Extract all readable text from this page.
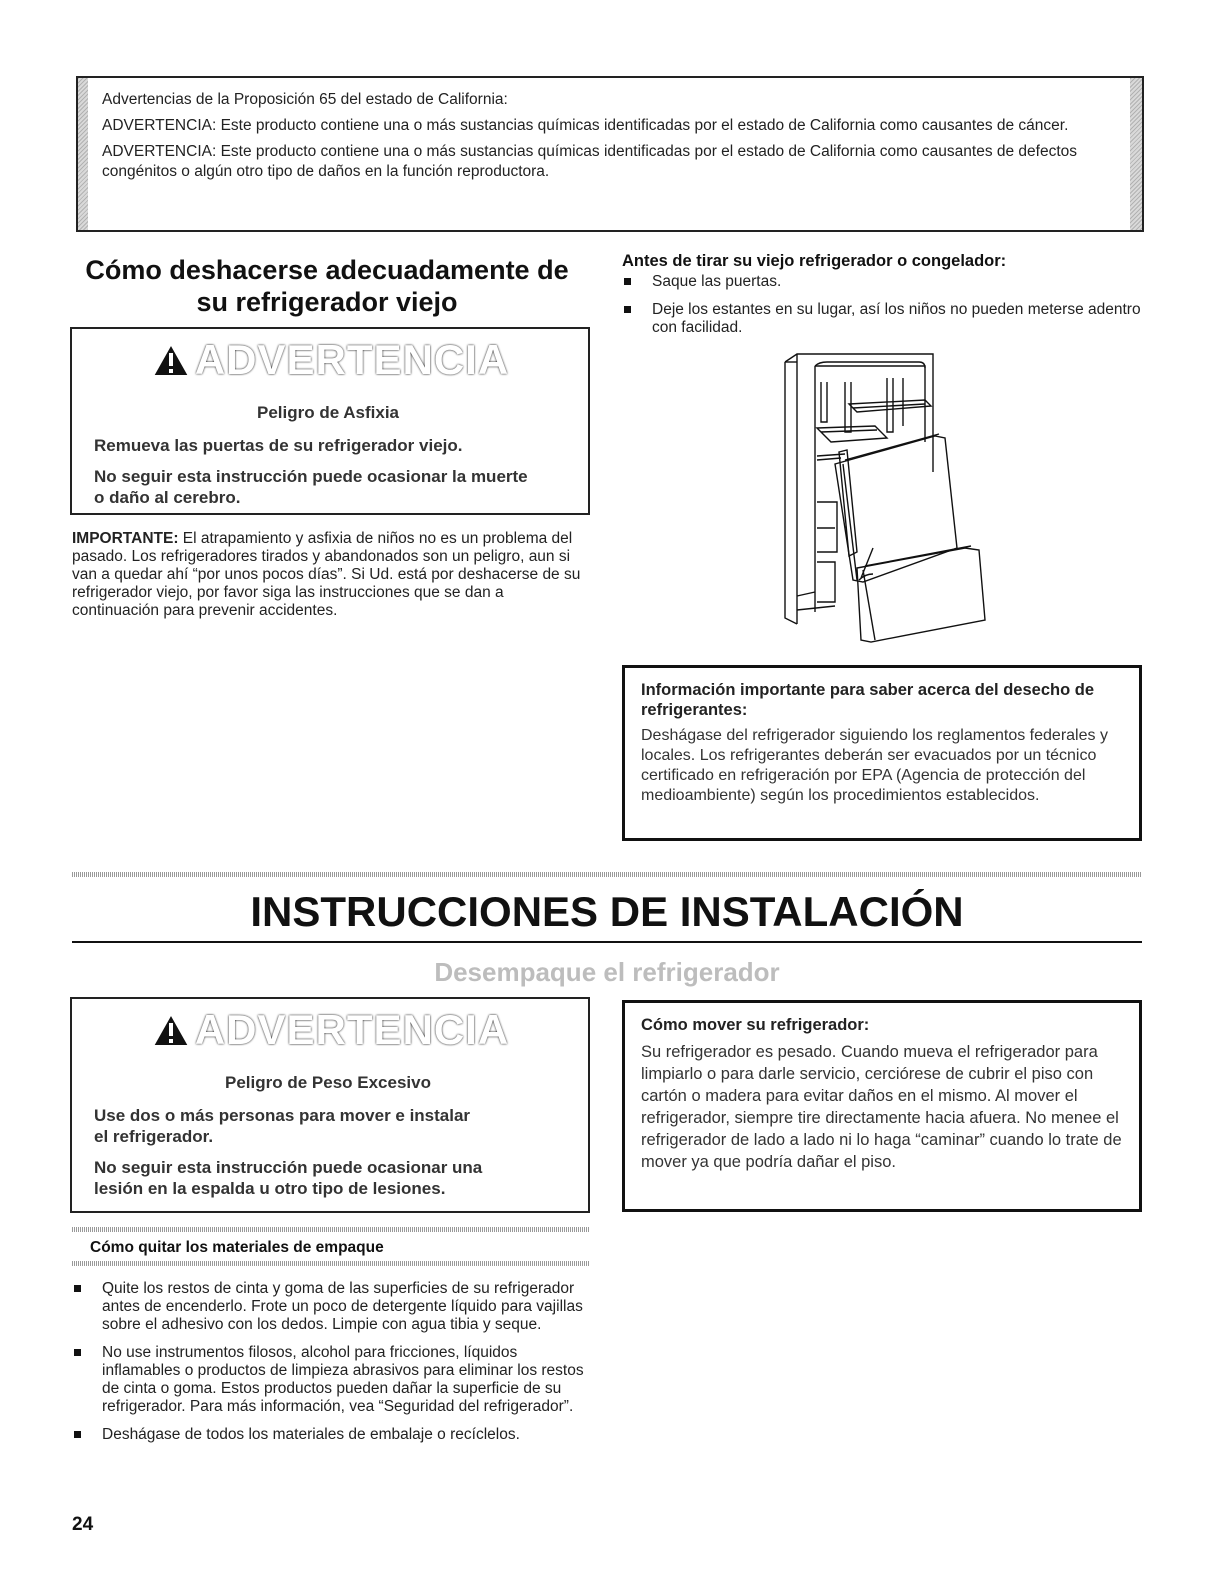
Advertencias de la Proposición 65 del estado de California:

ADVERTENCIA: Este producto contiene una o más sustancias químicas identificadas por el estado de California como causantes de cáncer.

ADVERTENCIA: Este producto contiene una o más sustancias químicas identificadas por el estado de California como causantes de defectos congénitos o algún otro tipo de daños en la función reproductora.

Cómo deshacerse adecuadamente de
su refrigerador viejo
ADVERTENCIA

Peligro de Asfixia

Remueva las puertas de su refrigerador viejo.

No seguir esta instrucción puede ocasionar la muerte
o daño al cerebro.

IMPORTANTE: El atrapamiento y asfixia de niños no es un problema del pasado. Los refrigeradores tirados y abandonados son un peligro, aun si van a quedar ahí “por unos pocos días”. Si Ud. está por deshacerse de su refrigerador viejo, por favor siga las instrucciones que se dan a continuación para prevenir accidentes.

Antes de tirar su viejo refrigerador o congelador:
Saque las puertas.
Deje los estantes en su lugar, así los niños no pueden meterse adentro con facilidad.

Información importante para saber acerca del desecho de refrigerantes:

Deshágase del refrigerador siguiendo los reglamentos federales y locales. Los refrigerantes deberán ser evacuados por un técnico certificado en refrigeración por EPA (Agencia de protección del medioambiente) según los procedimientos establecidos.

INSTRUCCIONES DE INSTALACIÓN
Desempaque el refrigerador
ADVERTENCIA

Peligro de Peso Excesivo

Use dos o más personas para mover e instalar
el refrigerador.

No seguir esta instrucción puede ocasionar una
lesión en la espalda u otro tipo de lesiones.

Cómo mover su refrigerador:

Su refrigerador es pesado. Cuando mueva el refrigerador para limpiarlo o para darle servicio, cerciórese de cubrir el piso con cartón o madera para evitar daños en el mismo. Al mover el refrigerador, siempre tire directamente hacia afuera. No menee el refrigerador de lado a lado ni lo haga “caminar” cuando lo trate de mover ya que podría dañar el piso.

Cómo quitar los materiales de empaque
Quite los restos de cinta y goma de las superficies de su refrigerador antes de encenderlo. Frote un poco de detergente líquido para vajillas sobre el adhesivo con los dedos. Limpie con agua tibia y seque.
No use instrumentos filosos, alcohol para fricciones, líquidos inflamables o productos de limpieza abrasivos para eliminar los restos de cinta o goma. Estos productos pueden dañar la superficie de su refrigerador. Para más información, vea “Seguridad del refrigerador”.
Deshágase de todos los materiales de embalaje o recíclelos.
24
